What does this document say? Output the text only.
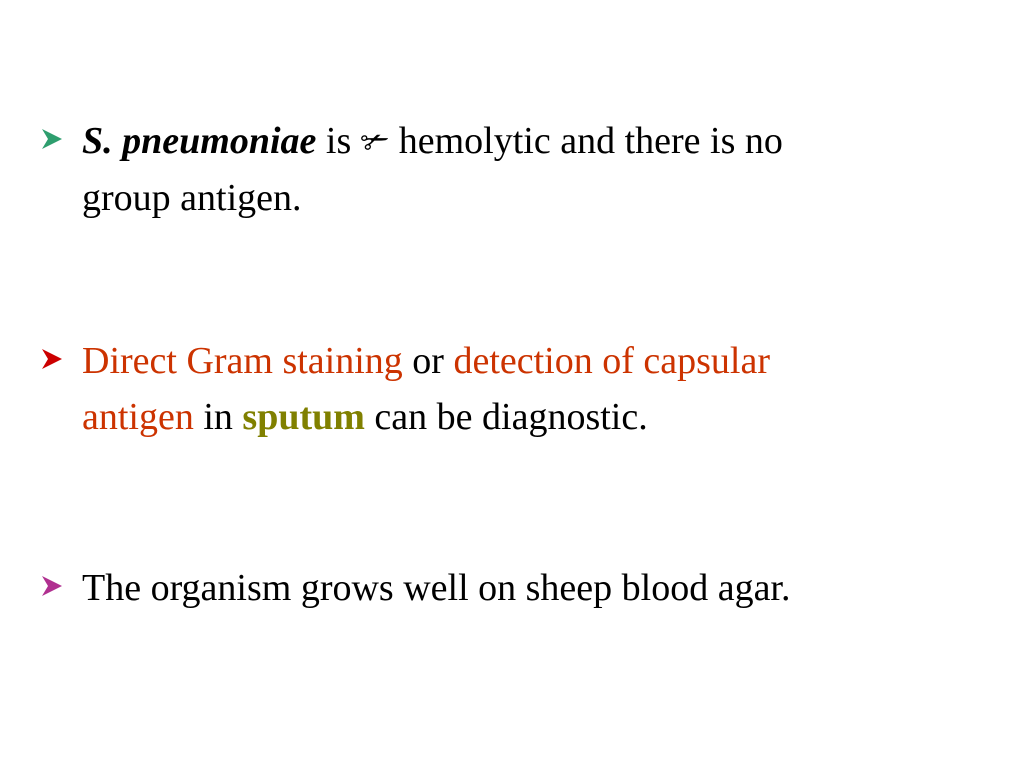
S. pneumoniae is ✃ hemolytic and there is no
group antigen.
Direct Gram staining or detection of capsular
antigen in sputum can be diagnostic.
The organism grows well on sheep blood agar.
